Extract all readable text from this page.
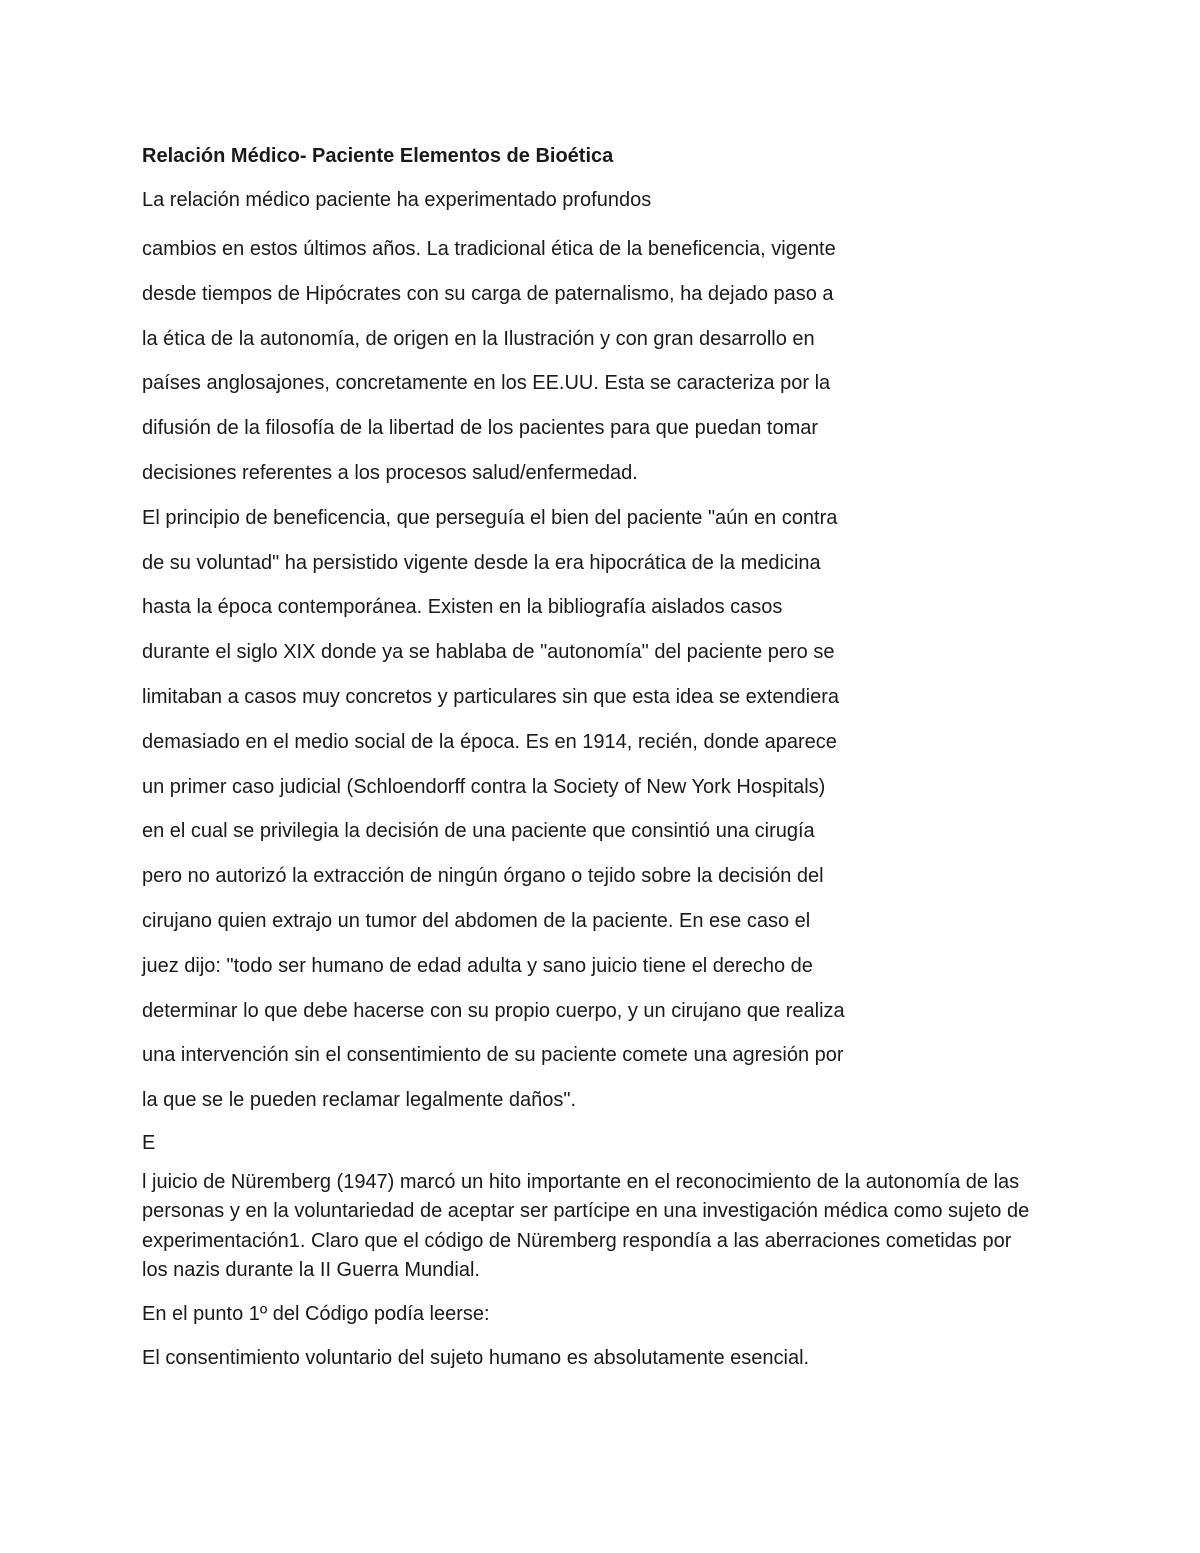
Relación Médico- Paciente Elementos de Bioética
La relación médico paciente ha experimentado profundos
cambios en estos últimos años. La tradicional ética de la beneficencia, vigente
desde tiempos de Hipócrates con su carga de paternalismo, ha dejado paso a
la ética de la autonomía, de origen en la Ilustración y con gran desarrollo en
países anglosajones, concretamente en los EE.UU. Esta se caracteriza por la
difusión de la filosofía de la libertad de los pacientes para que puedan tomar
decisiones referentes a los procesos salud/enfermedad.
El principio de beneficencia, que perseguía el bien del paciente "aún en contra
de su voluntad" ha persistido vigente desde la era hipocrática de la medicina
hasta la época contemporánea. Existen en la bibliografía aislados casos
durante el siglo XIX donde ya se hablaba de "autonomía" del paciente pero se
limitaban a casos muy concretos y particulares sin que esta idea se extendiera
demasiado en el medio social de la época. Es en 1914, recién, donde aparece
un primer caso judicial (Schloendorff contra la Society of New York Hospitals)
en el cual se privilegia la decisión de una paciente que consintió una cirugía
pero no autorizó la extracción de ningún órgano o tejido sobre la decisión del
cirujano quien extrajo un tumor del abdomen de la paciente. En ese caso el
juez dijo: "todo ser humano de edad adulta y sano juicio tiene el derecho de
determinar lo que debe hacerse con su propio cuerpo, y un cirujano que realiza
una intervención sin el consentimiento de su paciente comete una agresión por
la que se le pueden reclamar legalmente daños".
E
l juicio de Nüremberg (1947) marcó un hito importante en el reconocimiento de la autonomía de las personas y en la voluntariedad de aceptar ser partícipe en una investigación médica como sujeto de experimentación1. Claro que el código de Nüremberg respondía a las aberraciones cometidas por los nazis durante la II Guerra Mundial.
En el punto 1º del Código podía leerse:
El consentimiento voluntario del sujeto humano es absolutamente esencial.
